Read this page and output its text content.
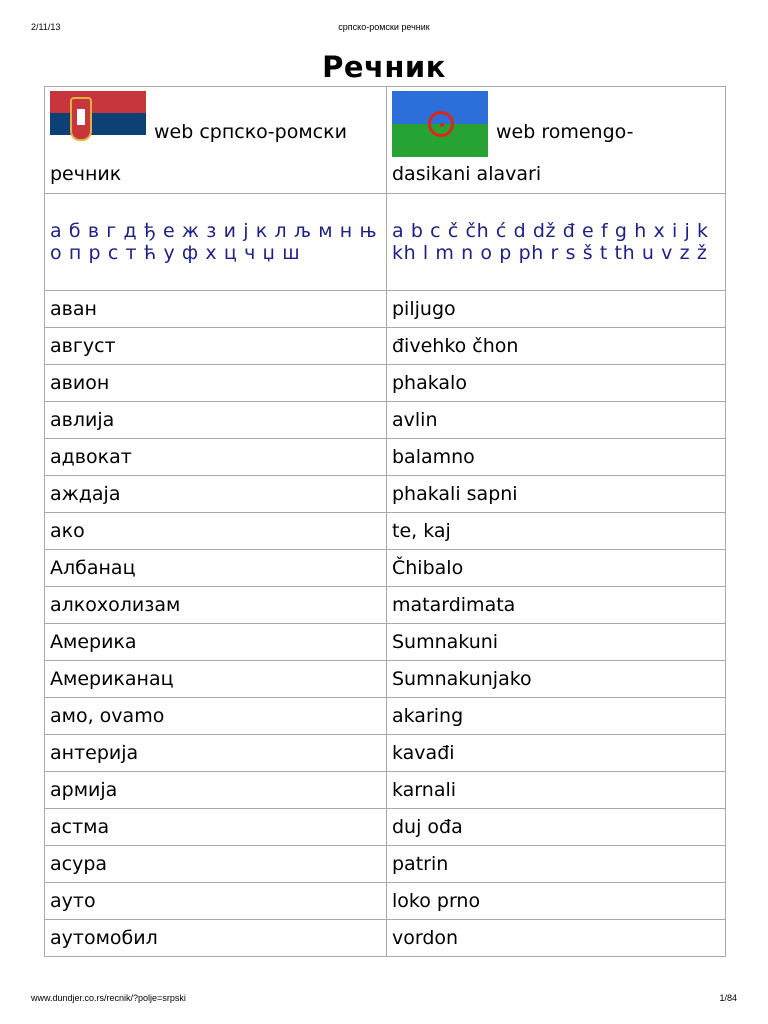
2/11/13	српско-ромски речник
Речник
web српско-ромски
речник	web romengo-
dasikani alavari

а б в г д ђ е ж з и ј к л љ м н њ о п р с т ћ у ф х ц ч џ ш	a b c č čh ć d dž đ e f g h x i j k kh l m n o p ph r s š t th u v z ž
аван	piljugo
август	đivehko čhon
авион	phakalo
авлија	avlin
адвокат	balamno
аждаја	phakali sapni
ако	te, kaj
Албанац	Čhibalo
алкохолизам	matardimata
Америка	Sumnakuni
Американац	Sumnakunjako
амо, ovamo	akaring
антерија	kavađi
армија	karnali
астма	duj ođa
асура	patrin
ауто	loko prno
аутомобил	vordon
www.dundjer.co.rs/recnik/?polje=srpski	1/84
